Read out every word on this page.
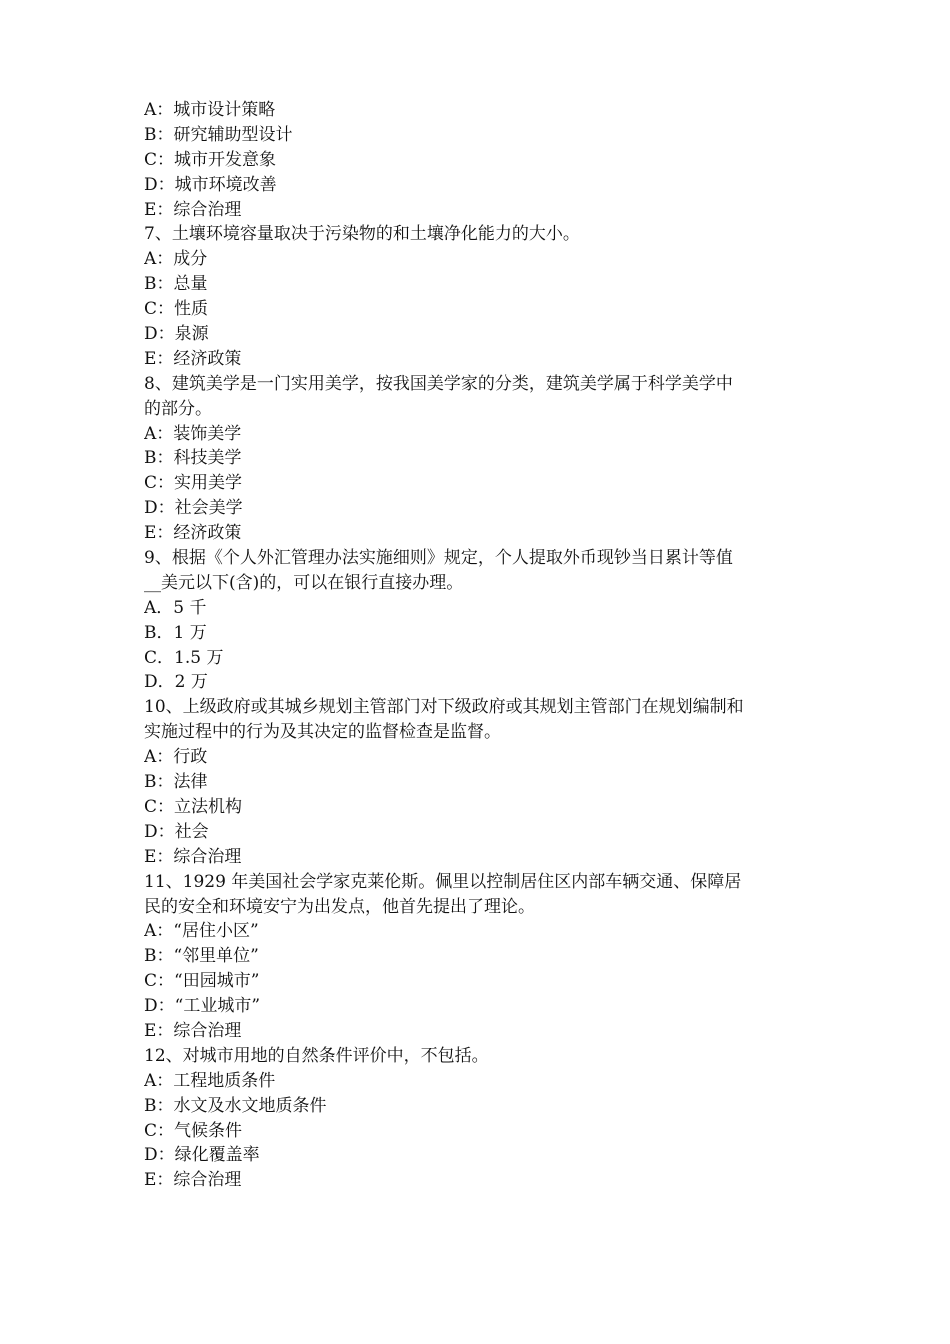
A：城市设计策略
B：研究辅助型设计
C：城市开发意象
D：城市环境改善
E：综合治理
7、土壤环境容量取决于污染物的和土壤净化能力的大小。
A：成分
B：总量
C：性质
D：泉源
E：经济政策
8、建筑美学是一门实用美学，按我国美学家的分类，建筑美学属于科学美学中
的部分。
A：装饰美学
B：科技美学
C：实用美学
D：社会美学
E：经济政策
9、根据《个人外汇管理办法实施细则》规定，个人提取外币现钞当日累计等值
__美元以下(含)的，可以在银行直接办理。
A．5 千
B．1 万
C．1.5 万
D．2 万
10、上级政府或其城乡规划主管部门对下级政府或其规划主管部门在规划编制和
实施过程中的行为及其决定的监督检查是监督。
A：行政
B：法律
C：立法机构
D：社会
E：综合治理
11、1929 年美国社会学家克莱伦斯。佩里以控制居住区内部车辆交通、保障居
民的安全和环境安宁为出发点，他首先提出了理论。
A：“居住小区”
B：“邻里单位”
C：“田园城市”
D：“工业城市”
E：综合治理
12、对城市用地的自然条件评价中，不包括。
A：工程地质条件
B：水文及水文地质条件
C：气候条件
D：绿化覆盖率
E：综合治理
